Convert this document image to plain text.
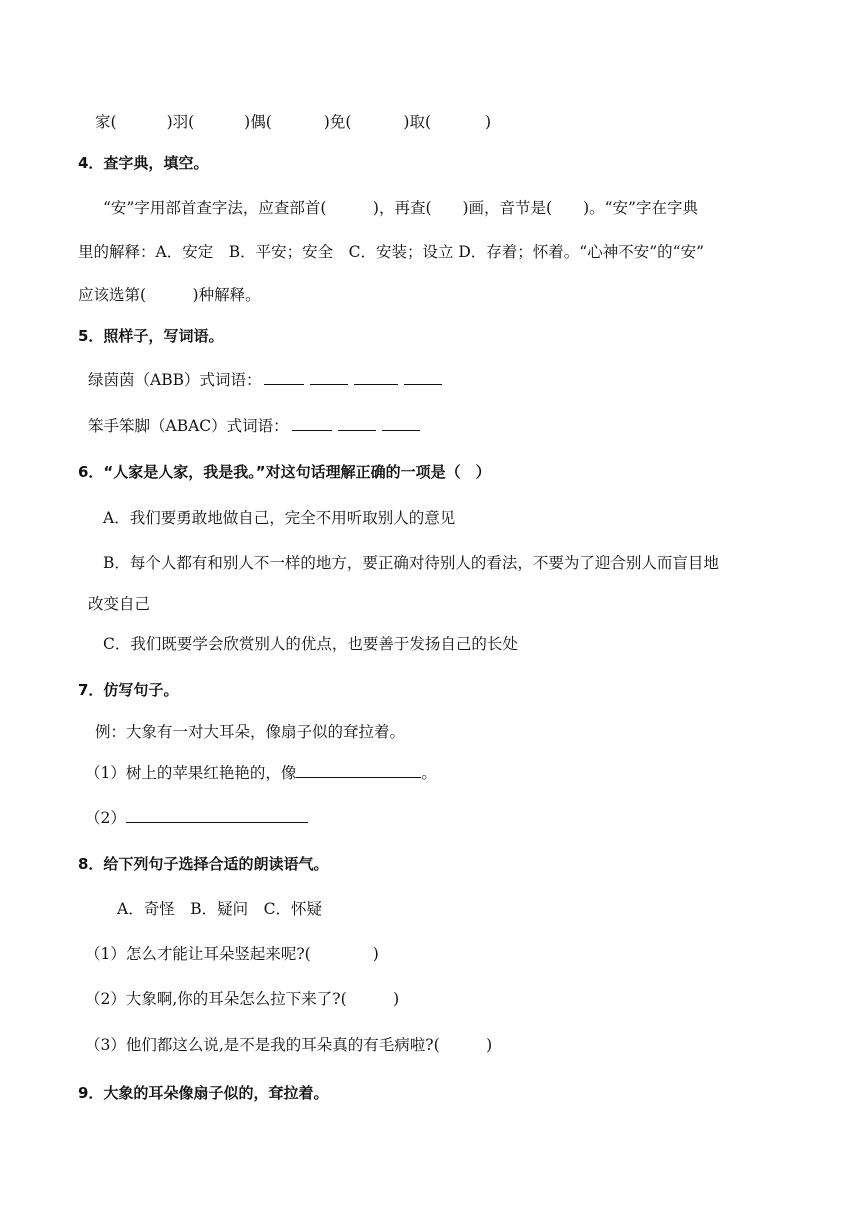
家(	)羽(	)偶(	)免(	)取(	)
4．查字典，填空。
“安”字用部首查字法，应查部首(　　　)，再查(　　)画，音节是(　　)。“安”字在字典
里的解释：A．安定　B．平安；安全　C．安装；设立 D．存着；怀着。“心神不安”的“安”
应该选第(　　　)种解释。
5．照样子，写词语。
绿茵茵（ABB）式词语：
笨手笨脚（ABAC）式词语：
6．“人家是人家，我是我。”对这句话理解正确的一项是（　）
A．我们要勇敢地做自己，完全不用听取别人的意见
B．每个人都有和别人不一样的地方，要正确对待别人的看法，不要为了迎合别人而盲目地
改变自己
C．我们既要学会欣赏别人的优点，也要善于发扬自己的长处
7．仿写句子。
例：大象有一对大耳朵，像扇子似的耷拉着。
（1）树上的苹果红艳艳的，像	。
（2）
8．给下列句子选择合适的朗读语气。
A．奇怪　B．疑问　C．怀疑
（1）怎么才能让耳朵竖起来呢?(　　　　)
（2）大象啊,你的耳朵怎么拉下来了?(　　　)
（3）他们都这么说,是不是我的耳朵真的有毛病啦?(　　　)
9．大象的耳朵像扇子似的，耷拉着。
